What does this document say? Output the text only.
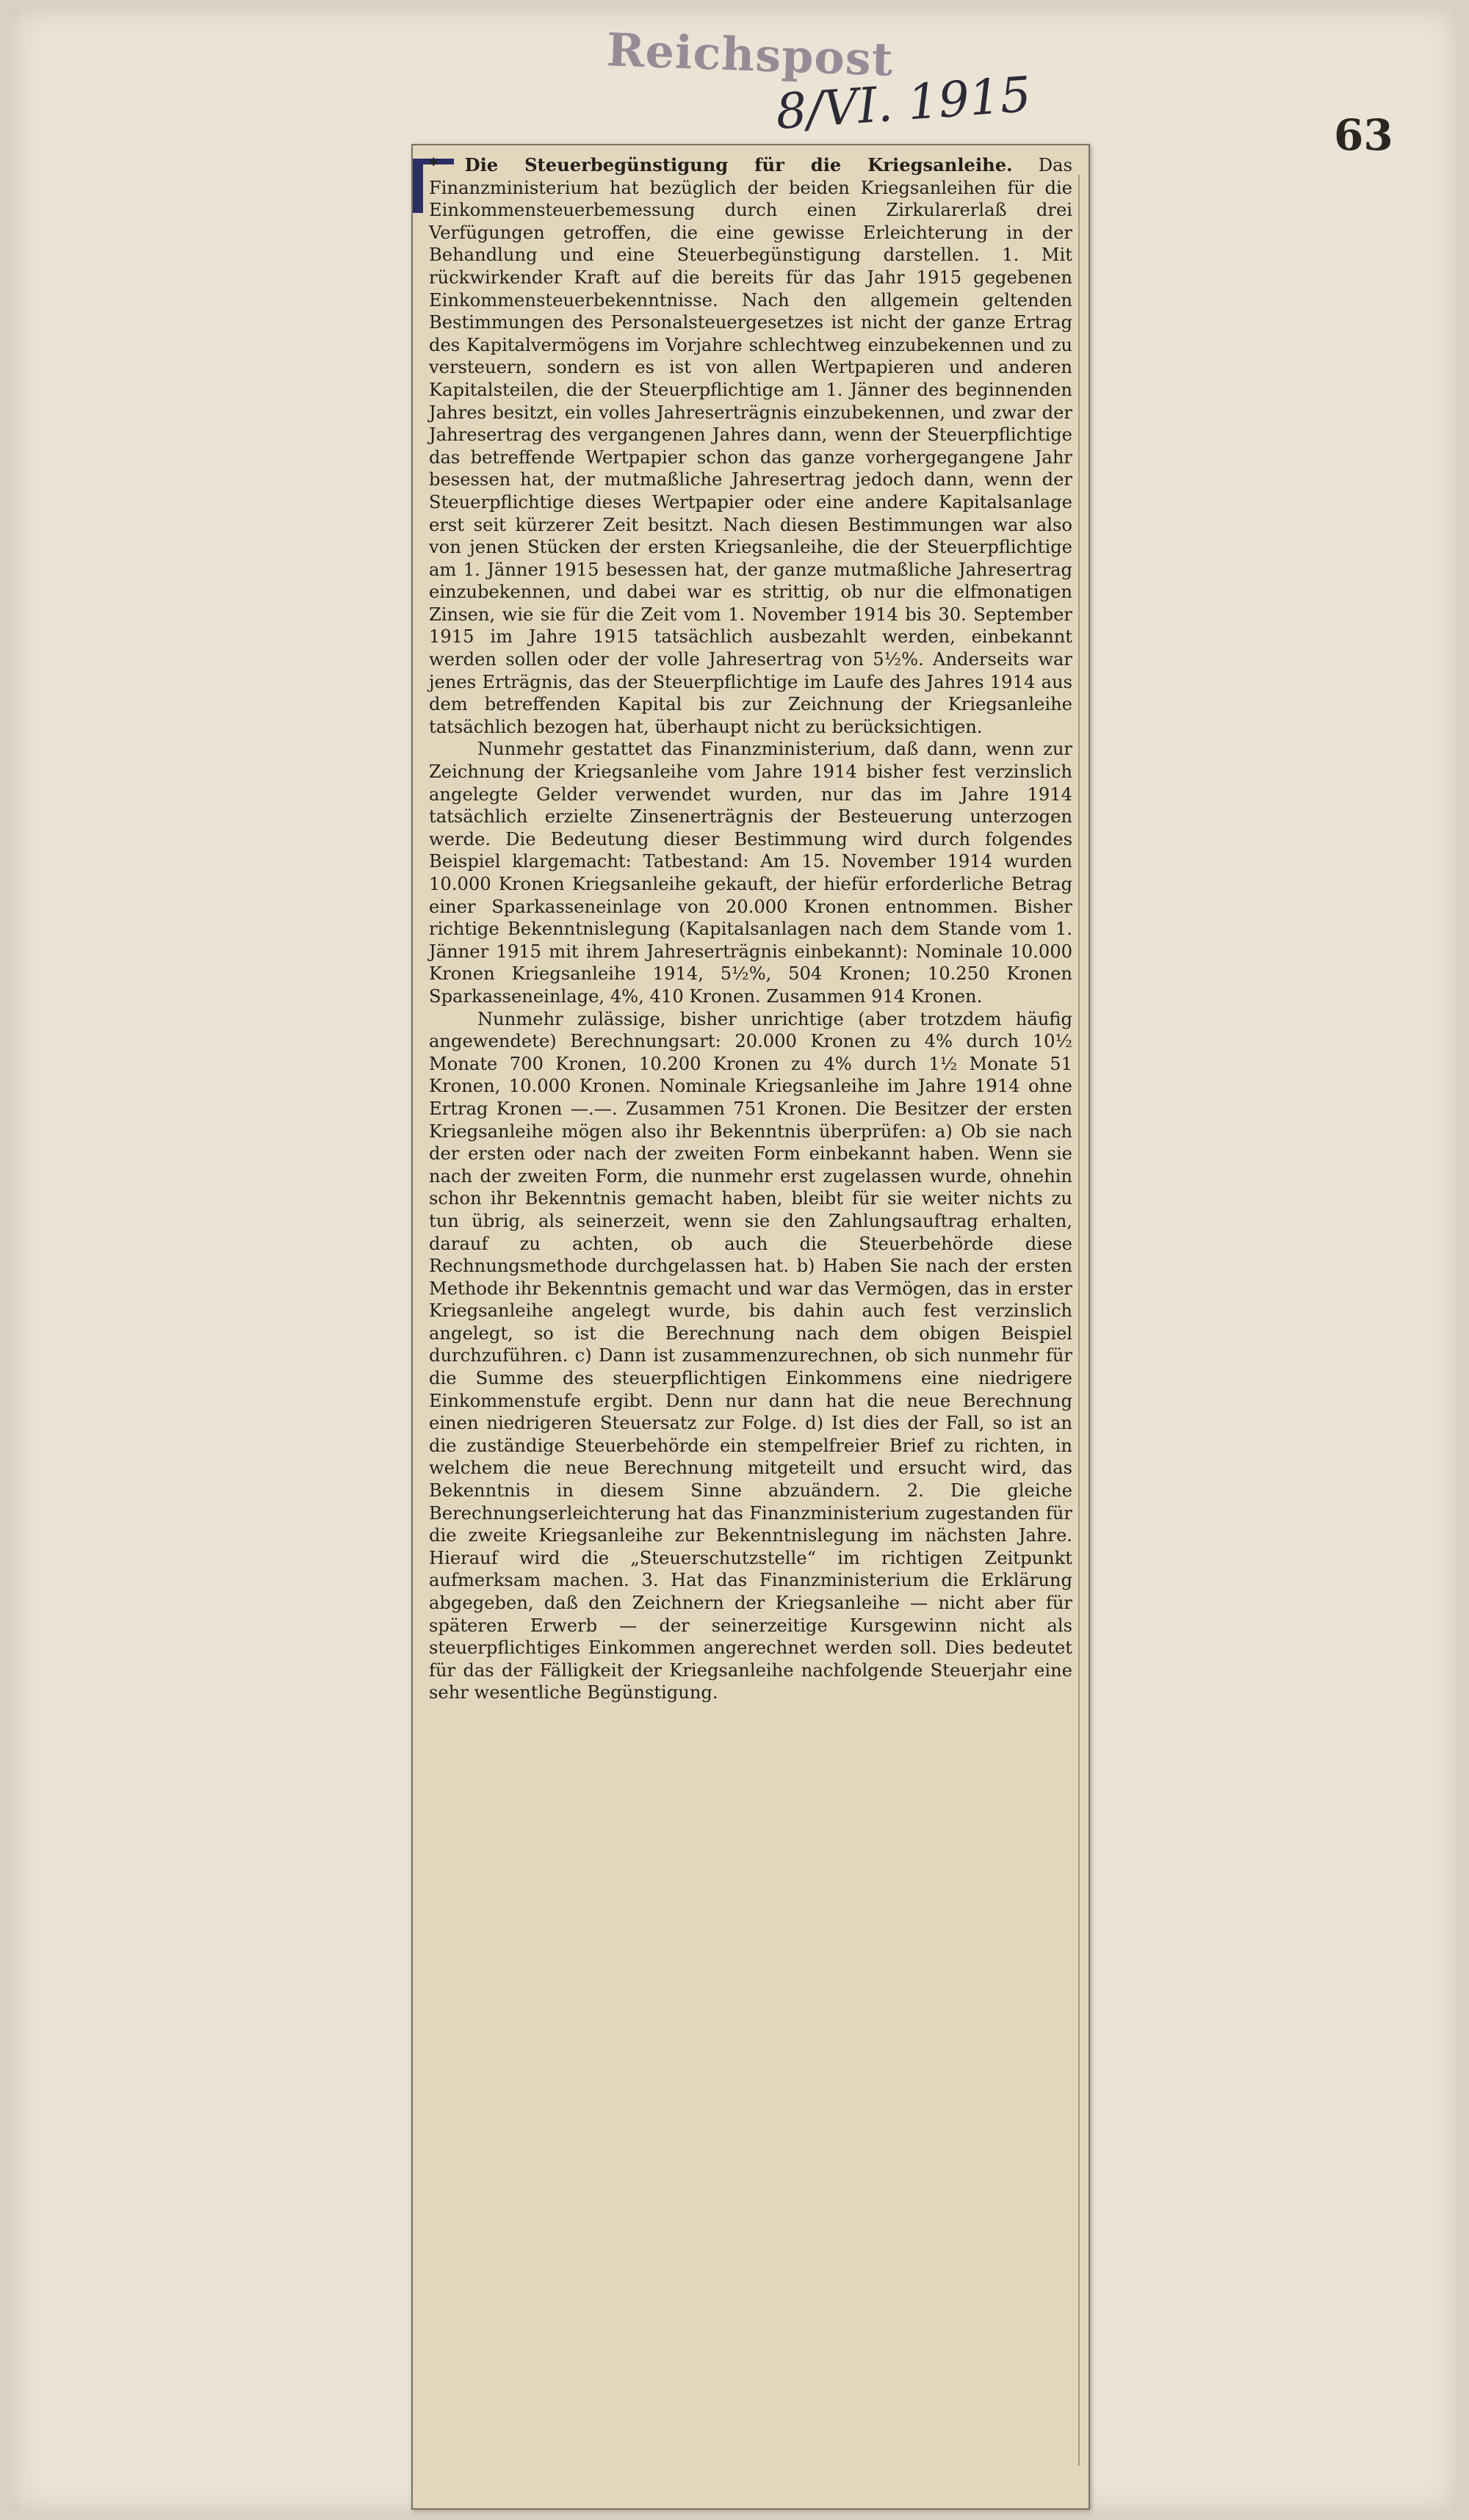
Reichspost
8/VI. 1915	63

* Die Steuerbegünstigung für die Kriegsanleihe. Das Finanzministerium hat bezüglich der beiden Kriegsanleihen für die Einkommensteuerbemessung durch einen Zirkularerlaß drei Verfügungen getroffen, die eine gewisse Erleichterung in der Behandlung und eine Steuerbegünstigung darstellen. 1. Mit rückwirkender Kraft auf die bereits für das Jahr 1915 gegebenen Einkommensteuerbekenntnisse. Nach den allgemein geltenden Bestimmungen des Personalsteuergesetzes ist nicht der ganze Ertrag des Kapitalvermögens im Vorjahre schlechtweg einzubekennen und zu versteuern, sondern es ist von allen Wertpapieren und anderen Kapitalsteilen, die der Steuerpflichtige am 1. Jänner des beginnenden Jahres besitzt, ein volles Jahreserträgnis einzubekennen, und zwar der Jahresertrag des vergangenen Jahres dann, wenn der Steuerpflichtige das betreffende Wertpapier schon das ganze vorhergegangene Jahr besessen hat, der mutmaßliche Jahresertrag jedoch dann, wenn der Steuerpflichtige dieses Wertpapier oder eine andere Kapitalsanlage erst seit kürzerer Zeit besitzt. Nach diesen Bestimmungen war also von jenen Stücken der ersten Kriegsanleihe, die der Steuerpflichtige am 1. Jänner 1915 besessen hat, der ganze mutmaßliche Jahresertrag einzubekennen, und dabei war es strittig, ob nur die elfmonatigen Zinsen, wie sie für die Zeit vom 1. November 1914 bis 30. September 1915 im Jahre 1915 tatsächlich ausbezahlt werden, einbekannt werden sollen oder der volle Jahresertrag von 5½%. Anderseits war jenes Erträgnis, das der Steuerpflichtige im Laufe des Jahres 1914 aus dem betreffenden Kapital bis zur Zeichnung der Kriegsanleihe tatsächlich bezogen hat, überhaupt nicht zu berücksichtigen.

Nunmehr gestattet das Finanzministerium, daß dann, wenn zur Zeichnung der Kriegsanleihe vom Jahre 1914 bisher fest verzinslich angelegte Gelder verwendet wurden, nur das im Jahre 1914 tatsächlich erzielte Zinsenerträgnis der Besteuerung unterzogen werde. Die Bedeutung dieser Bestimmung wird durch folgendes Beispiel klargemacht: Tatbestand: Am 15. November 1914 wurden 10.000 Kronen Kriegsanleihe gekauft, der hiefür erforderliche Betrag einer Sparkasseneinlage von 20.000 Kronen entnommen. Bisher richtige Bekenntnislegung (Kapitalsanlagen nach dem Stande vom 1. Jänner 1915 mit ihrem Jahreserträgnis einbekannt): Nominale 10.000 Kronen Kriegsanleihe 1914, 5½%, 504 Kronen; 10.250 Kronen Sparkasseneinlage, 4%, 410 Kronen. Zusammen 914 Kronen.

Nunmehr zulässige, bisher unrichtige (aber trotzdem häufig angewendete) Berechnungsart: 20.000 Kronen zu 4% durch 10½ Monate 700 Kronen, 10.200 Kronen zu 4% durch 1½ Monate 51 Kronen, 10.000 Kronen. Nominale Kriegsanleihe im Jahre 1914 ohne Ertrag Kronen —.—. Zusammen 751 Kronen. Die Besitzer der ersten Kriegsanleihe mögen also ihr Bekenntnis überprüfen: a) Ob sie nach der ersten oder nach der zweiten Form einbekannt haben. Wenn sie nach der zweiten Form, die nunmehr erst zugelassen wurde, ohnehin schon ihr Bekenntnis gemacht haben, bleibt für sie weiter nichts zu tun übrig, als seinerzeit, wenn sie den Zahlungsauftrag erhalten, darauf zu achten, ob auch die Steuerbehörde diese Rechnungsmethode durchgelassen hat. b) Haben Sie nach der ersten Methode ihr Bekenntnis gemacht und war das Vermögen, das in erster Kriegsanleihe angelegt wurde, bis dahin auch fest verzinslich angelegt, so ist die Berechnung nach dem obigen Beispiel durchzuführen. c) Dann ist zusammenzurechnen, ob sich nunmehr für die Summe des steuerpflichtigen Einkommens eine niedrigere Einkommenstufe ergibt. Denn nur dann hat die neue Berechnung einen niedrigeren Steuersatz zur Folge. d) Ist dies der Fall, so ist an die zuständige Steuerbehörde ein stempelfreier Brief zu richten, in welchem die neue Berechnung mitgeteilt und ersucht wird, das Bekenntnis in diesem Sinne abzuändern. 2. Die gleiche Berechnungserleichterung hat das Finanzministerium zugestanden für die zweite Kriegsanleihe zur Bekenntnislegung im nächsten Jahre. Hierauf wird die „Steuerschutzstelle“ im richtigen Zeitpunkt aufmerksam machen. 3. Hat das Finanzministerium die Erklärung abgegeben, daß den Zeichnern der Kriegsanleihe — nicht aber für späteren Erwerb — der seinerzeitige Kursgewinn nicht als steuerpflichtiges Einkommen angerechnet werden soll. Dies bedeutet für das der Fälligkeit der Kriegsanleihe nachfolgende Steuerjahr eine sehr wesentliche Begünstigung.
